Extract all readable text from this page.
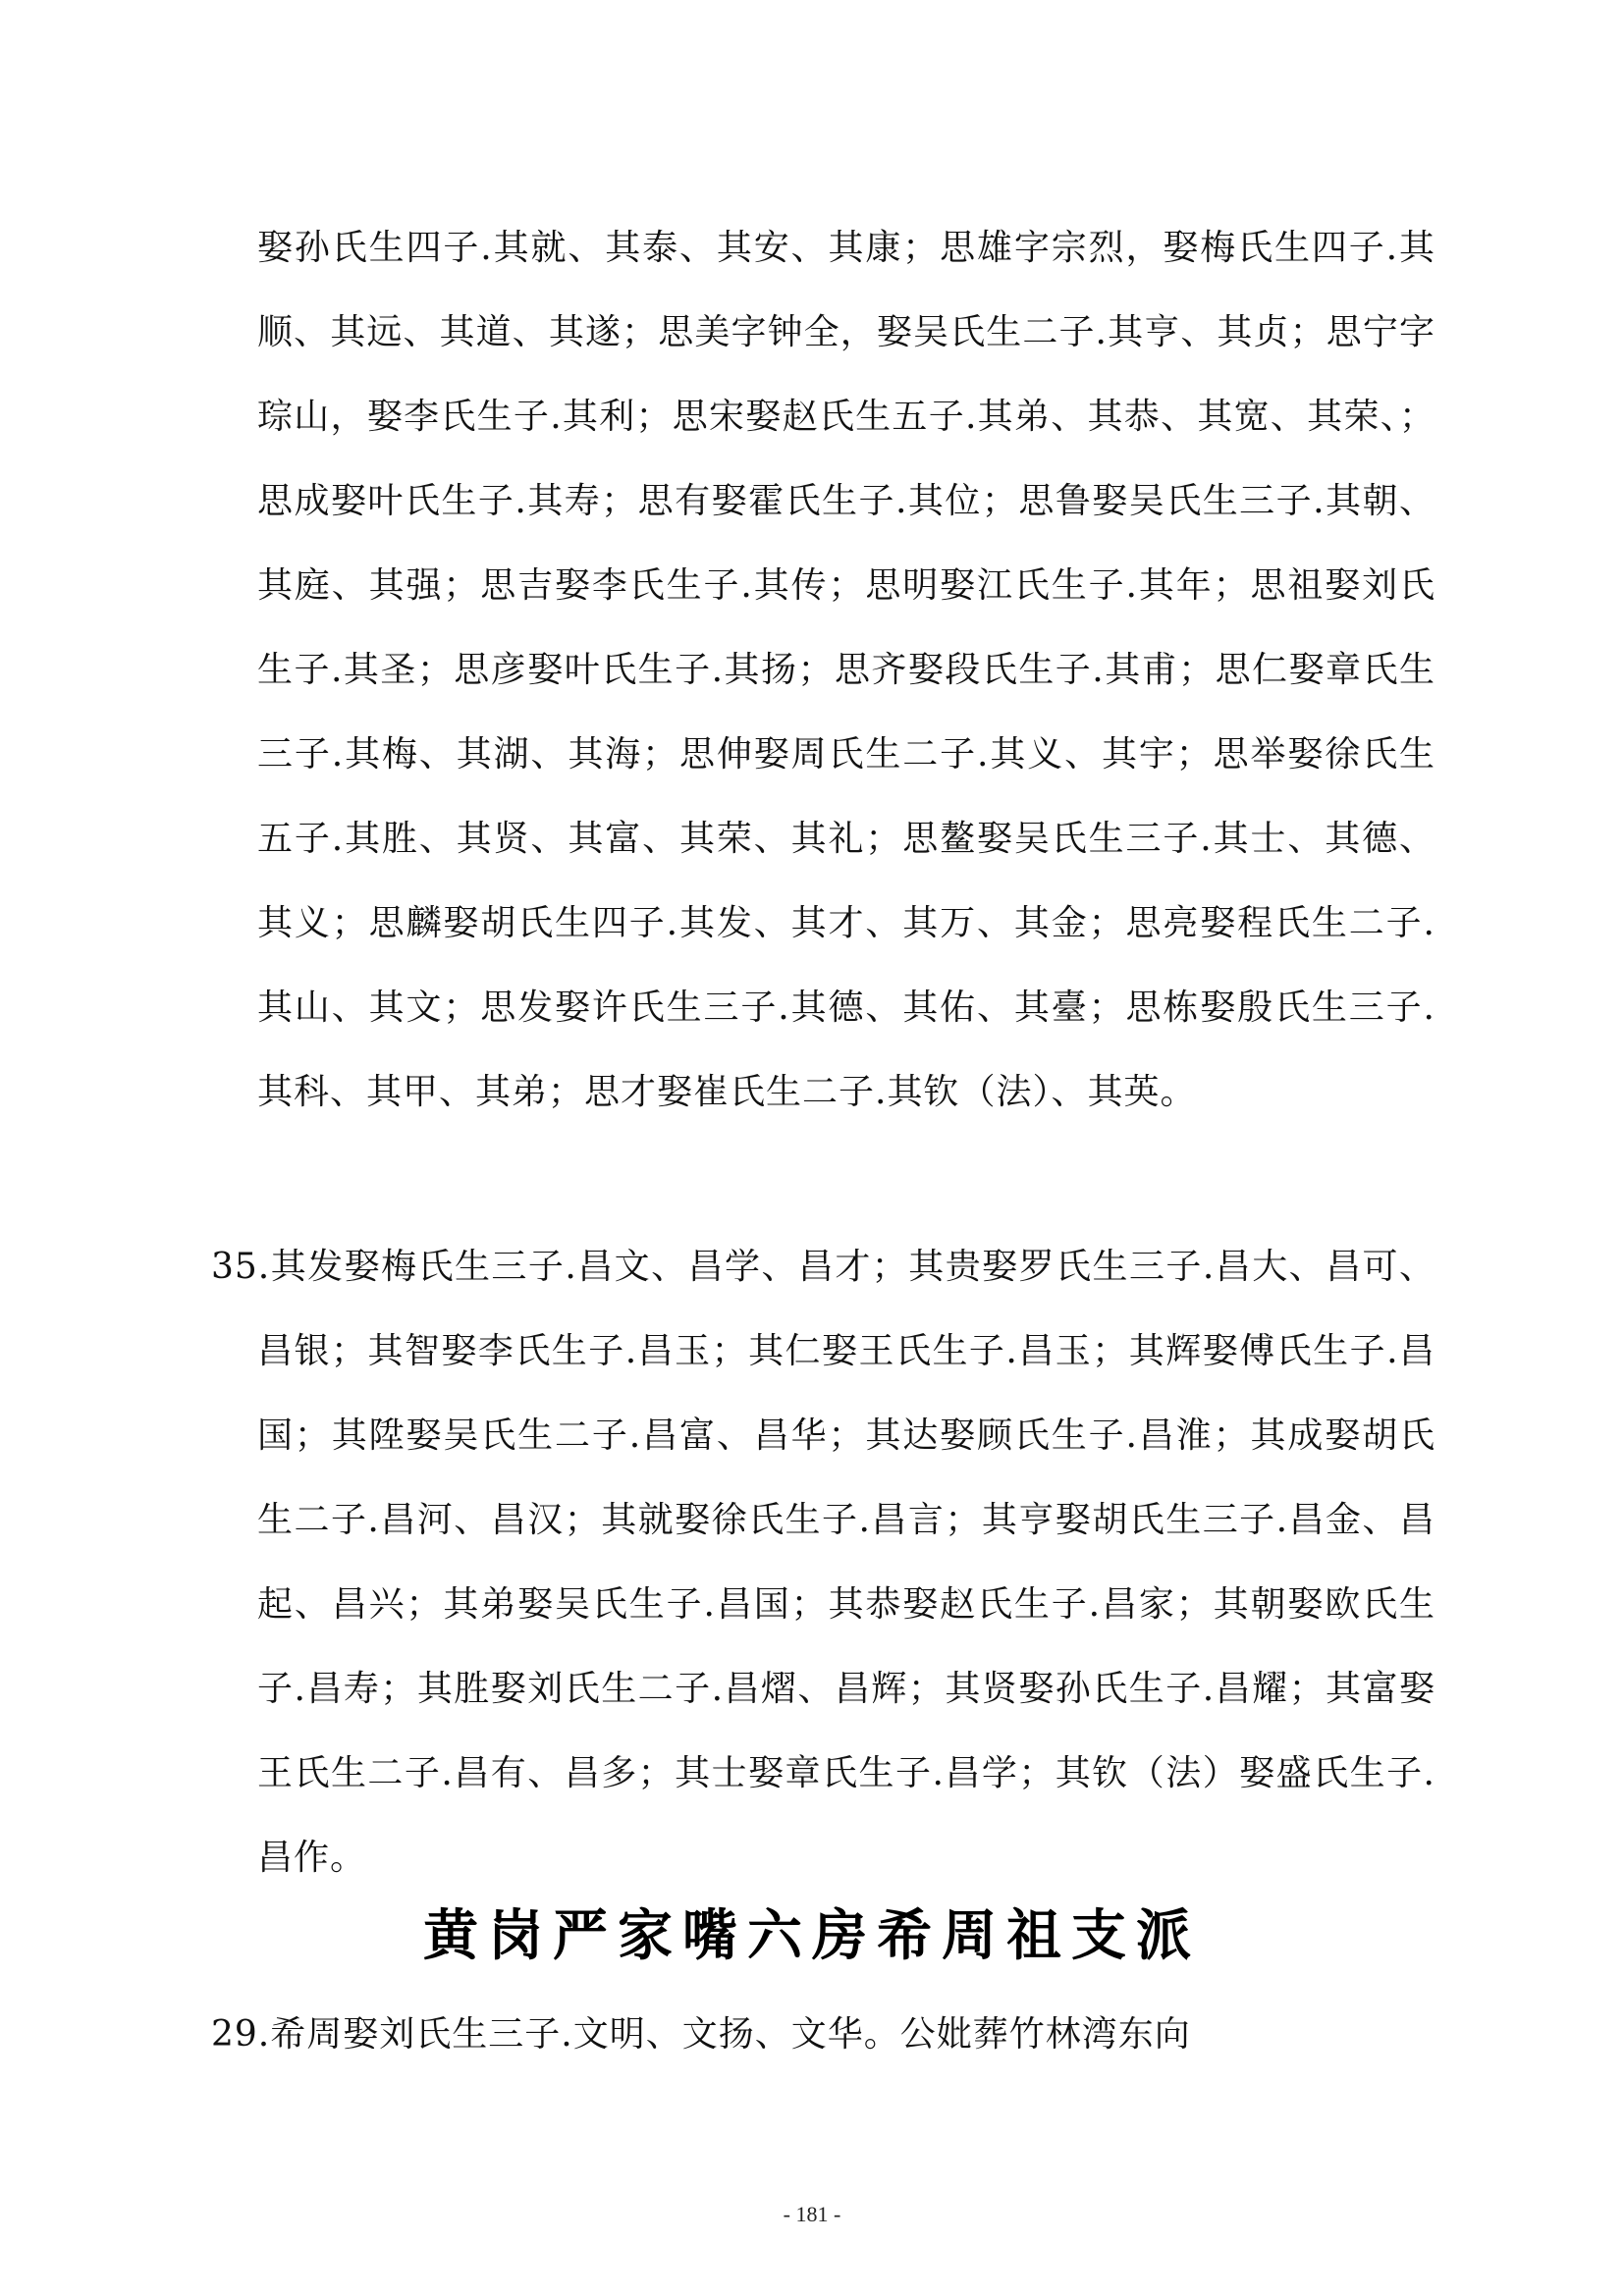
娶孙氏生四子.其就、其泰、其安、其康；思雄字宗烈，娶梅氏生四子.其顺、其远、其道、其遂；思美字钟全，娶吴氏生二子.其亨、其贞；思宁字琮山，娶李氏生子.其利；思宋娶赵氏生五子.其弟、其恭、其宽、其荣、；思成娶叶氏生子.其寿；思有娶霍氏生子.其位；思鲁娶吴氏生三子.其朝、其庭、其强；思吉娶李氏生子.其传；思明娶江氏生子.其年；思祖娶刘氏生子.其圣；思彦娶叶氏生子.其扬；思齐娶段氏生子.其甫；思仁娶章氏生三子.其梅、其湖、其海；思伸娶周氏生二子.其义、其宇；思举娶徐氏生五子.其胜、其贤、其富、其荣、其礼；思鳌娶吴氏生三子.其士、其德、其义；思麟娶胡氏生四子.其发、其才、其万、其金；思亮娶程氏生二子.其山、其文；思发娶许氏生三子.其德、其佑、其臺；思栋娶殷氏生三子.其科、其甲、其弟；思才娶崔氏生二子.其钦（法）、其英。
35.其发娶梅氏生三子.昌文、昌学、昌才；其贵娶罗氏生三子.昌大、昌可、昌银；其智娶李氏生子.昌玉；其仁娶王氏生子.昌玉；其辉娶傅氏生子.昌国；其陞娶吴氏生二子.昌富、昌华；其达娶顾氏生子.昌淮；其成娶胡氏生二子.昌河、昌汉；其就娶徐氏生子.昌言；其亨娶胡氏生三子.昌金、昌起、昌兴；其弟娶吴氏生子.昌国；其恭娶赵氏生子.昌家；其朝娶欧氏生子.昌寿；其胜娶刘氏生二子.昌熠、昌辉；其贤娶孙氏生子.昌耀；其富娶王氏生二子.昌有、昌多；其士娶章氏生子.昌学；其钦（法）娶盛氏生子.昌作。
黄岗严家嘴六房希周祖支派
29.希周娶刘氏生三子.文明、文扬、文华。公妣葬竹林湾东向
- 181 -
